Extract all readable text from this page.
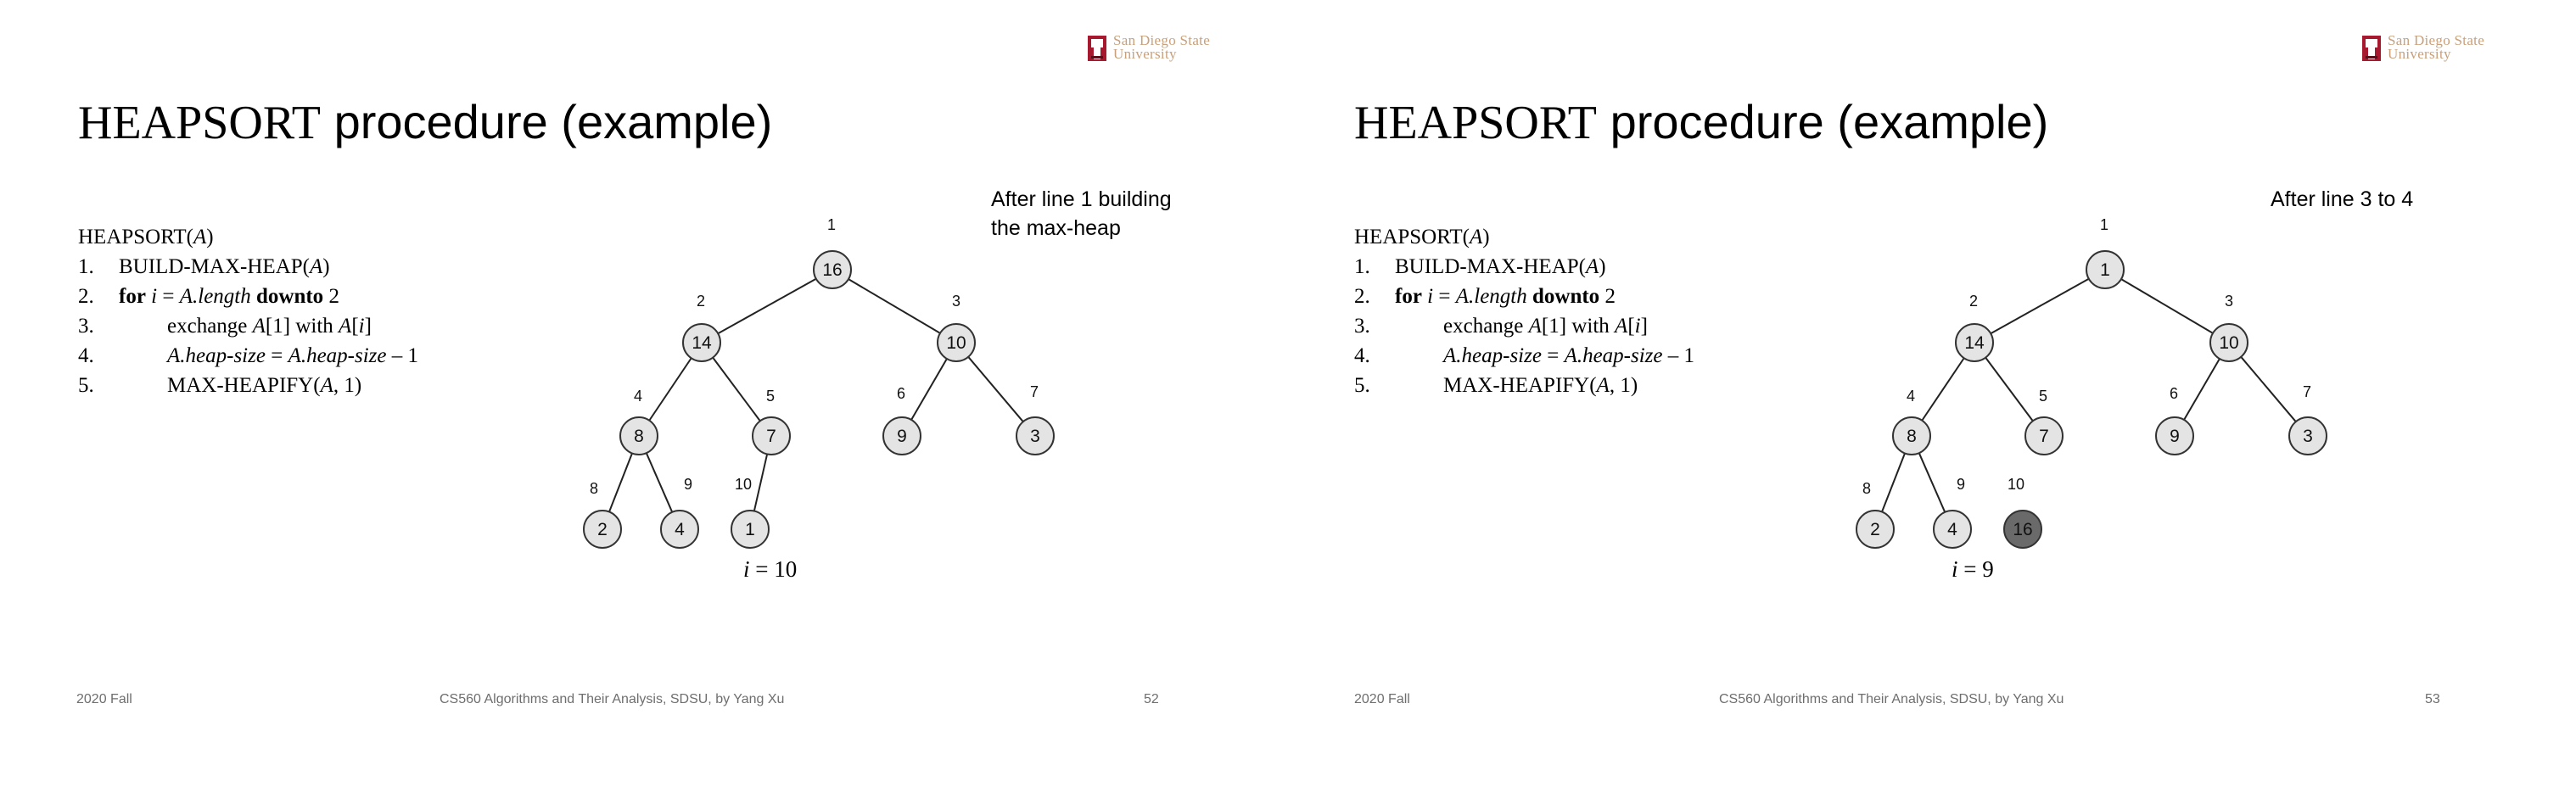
San Diego State
University
HEAPSORT procedure (example)
HEAPSORT(A)
1. BUILD-MAX-HEAP(A)
2. for i = A.length downto 2
3.	exchange A[1] with A[i]
4.	A.heap-size = A.heap-size – 1
5.	MAX-HEAPIFY(A, 1)
After line 1 building
the max-heap
16
1
14
2
10
3
8
4
7
5
9
6
3
7
2
8
4
9
1
10
i = 10
2020 Fall	CS560 Algorithms and Their Analysis, SDSU, by Yang Xu	52
San Diego State
University
HEAPSORT procedure (example)
HEAPSORT(A)
1. BUILD-MAX-HEAP(A)
2. for i = A.length downto 2
3.	exchange A[1] with A[i]
4.	A.heap-size = A.heap-size – 1
5.	MAX-HEAPIFY(A, 1)
After line 3 to 4
1
1
14
2
10
3
8
4
7
5
9
6
3
7
2
8
4
9
16
10
i = 9
2020 Fall	CS560 Algorithms and Their Analysis, SDSU, by Yang Xu	53
